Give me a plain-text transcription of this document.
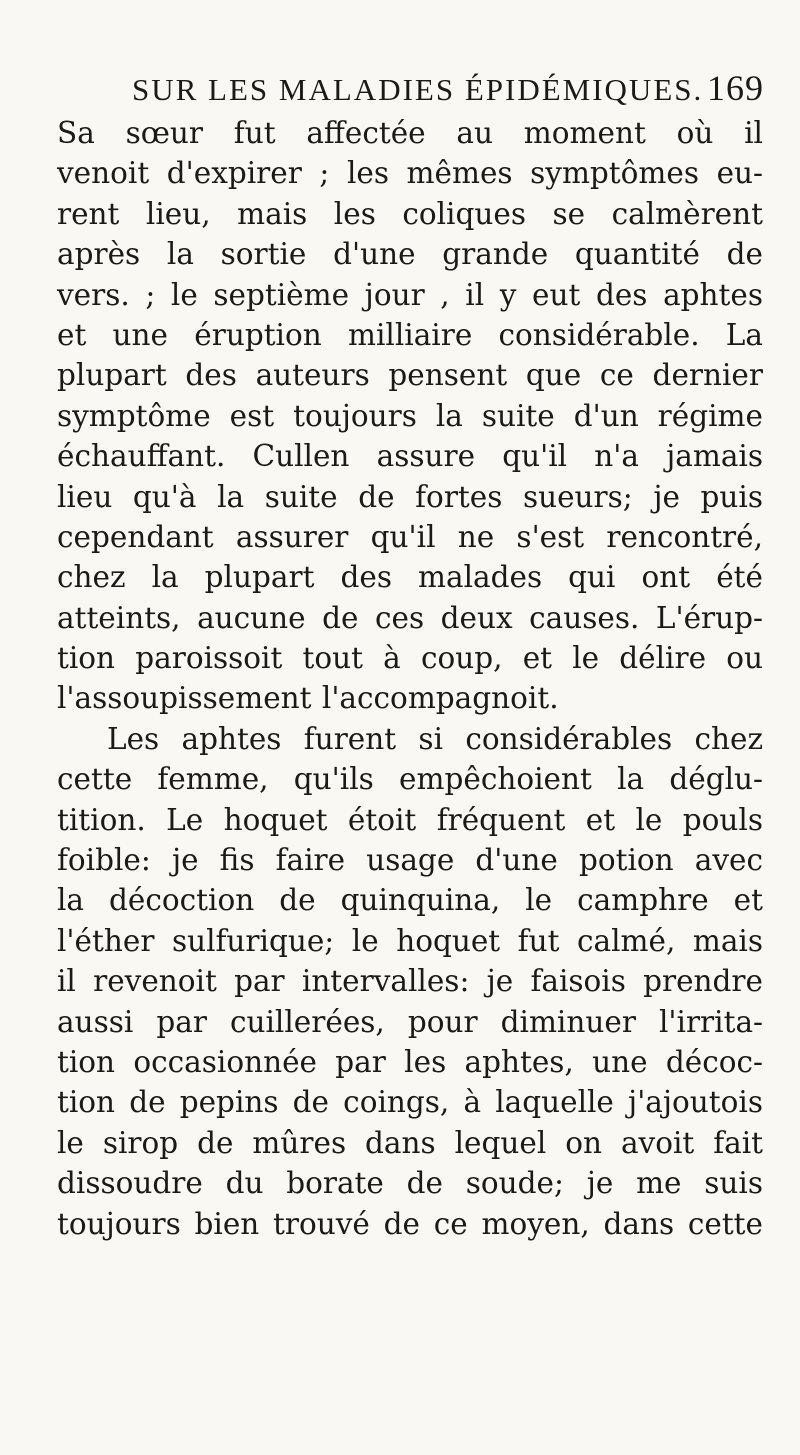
SUR LES MALADIES ÉPIDÉMIQUES. 169
Sa sœur fut affectée au moment où il
venoit d'expirer ; les mêmes symptômes eu-
rent lieu, mais les coliques se calmèrent
après la sortie d'une grande quantité de
vers. ; le septième jour , il y eut des aphtes
et une éruption milliaire considérable. La
plupart des auteurs pensent que ce dernier
symptôme est toujours la suite d'un régime
échauffant. Cullen assure qu'il n'a jamais
lieu qu'à la suite de fortes sueurs; je puis
cependant assurer qu'il ne s'est rencontré,
chez la plupart des malades qui ont été
atteints, aucune de ces deux causes. L'érup-
tion paroissoit tout à coup, et le délire ou
l'assoupissement l'accompagnoit.
Les aphtes furent si considérables chez
cette femme, qu'ils empêchoient la déglu-
tition. Le hoquet étoit fréquent et le pouls
foible: je fis faire usage d'une potion avec
la décoction de quinquina, le camphre et
l'éther sulfurique; le hoquet fut calmé, mais
il revenoit par intervalles: je faisois prendre
aussi par cuillerées, pour diminuer l'irrita-
tion occasionnée par les aphtes, une décoc-
tion de pepins de coings, à laquelle j'ajoutois
le sirop de mûres dans lequel on avoit fait
dissoudre du borate de soude; je me suis
toujours bien trouvé de ce moyen, dans cette
